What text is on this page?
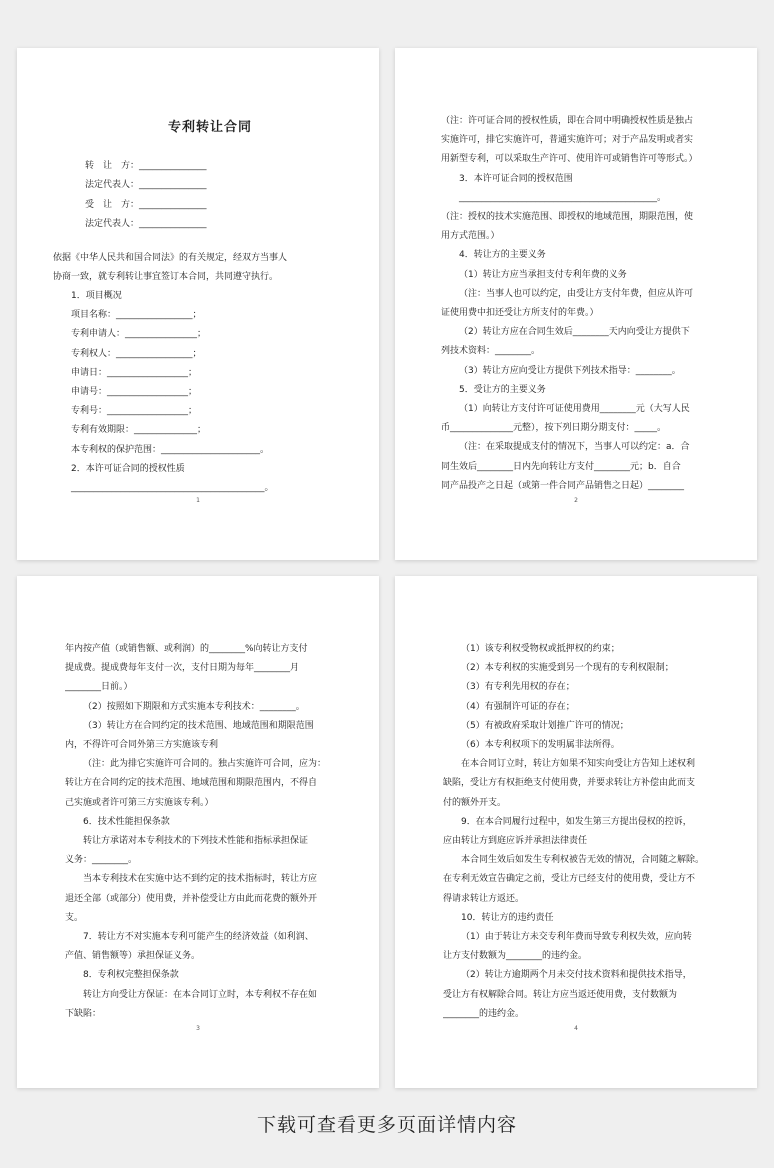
专利转让合同
转　让　方：_______________
法定代表人：_______________
受　让　方：_______________
法定代表人：_______________
依据《中华人民共和国合同法》的有关规定，经双方当事人
协商一致，就专利转让事宜签订本合同，共同遵守执行。
1．项目概况
项目名称：_________________；
专利申请人：________________；
专利权人：_________________；
申请日：__________________；
申请号：__________________；
专利号：__________________；
专利有效期限：______________；
本专利权的保护范围：______________________。
2．本许可证合同的授权性质
___________________________________________。
1
（注：许可证合同的授权性质，即在合同中明确授权性质是独占
实施许可，排它实施许可，普通实施许可；对于产品发明或者实
用新型专利，可以采取生产许可、使用许可或销售许可等形式。）
3．本许可证合同的授权范围
____________________________________________。
（注：授权的技术实施范围、即授权的地域范围，期限范围，使
用方式范围。）
4．转让方的主要义务
（1）转让方应当承担支付专利年费的义务
（注：当事人也可以约定，由受让方支付年费，但应从许可
证使用费中扣还受让方所支付的年费。）
（2）转让方应在合同生效后________天内向受让方提供下
列技术资料：________。
（3）转让方应向受让方提供下列技术指导：________。
5．受让方的主要义务
（1）向转让方支付许可证使用费用________元（大写人民
币______________元整），按下列日期分期支付：_____。
（注：在采取提成支付的情况下，当事人可以约定：a．合
同生效后________日内先向转让方支付________元；b．自合
同产品投产之日起（或第一件合同产品销售之日起）________
2
年内按产值（或销售额、或利润）的________%向转让方支付
提成费。提成费每年支付一次，支付日期为每年________月
________日前。）
（2）按照如下期限和方式实施本专利技术：________。
（3）转让方在合同约定的技术范围、地域范围和期限范围
内，不得许可合同外第三方实施该专利
（注：此为排它实施许可合同的。独占实施许可合同，应为：
转让方在合同约定的技术范围、地域范围和期限范围内，不得自
己实施或者许可第三方实施该专利。）
6．技术性能担保条款
转让方承诺对本专利技术的下列技术性能和指标承担保证
义务：________。
当本专利技术在实施中达不到约定的技术指标时，转让方应
退还全部（或部分）使用费，并补偿受让方由此而花费的额外开
支。
7．转让方不对实施本专利可能产生的经济效益（如利润、
产值、销售额等）承担保证义务。
8．专利权完整担保条款
转让方向受让方保证：在本合同订立时，本专利权不存在如
下缺陷：
3
（1）该专利权受物权或抵押权的约束；
（2）本专利权的实施受到另一个现有的专利权限制；
（3）有专利先用权的存在；
（4）有强制许可证的存在；
（5）有被政府采取计划推广许可的情况；
（6）本专利权项下的发明属非法所得。
在本合同订立时，转让方如果不知实向受让方告知上述权利
缺陷，受让方有权拒绝支付使用费，并要求转让方补偿由此而支
付的额外开支。
9．在本合同履行过程中，如发生第三方提出侵权的控诉，
应由转让方到庭应诉并承担法律责任
本合同生效后如发生专利权被告无效的情况，合同随之解除。
在专利无效宣告确定之前，受让方已经支付的使用费，受让方不
得请求转让方返还。
10．转让方的违约责任
（1）由于转让方未交专利年费而导致专利权失效，应向转
让方支付数额为________的违约金。
（2）转让方逾期两个月未交付技术资料和提供技术指导，
受让方有权解除合同。转让方应当返还使用费，支付数额为
________的违约金。
4
下载可查看更多页面详情内容
